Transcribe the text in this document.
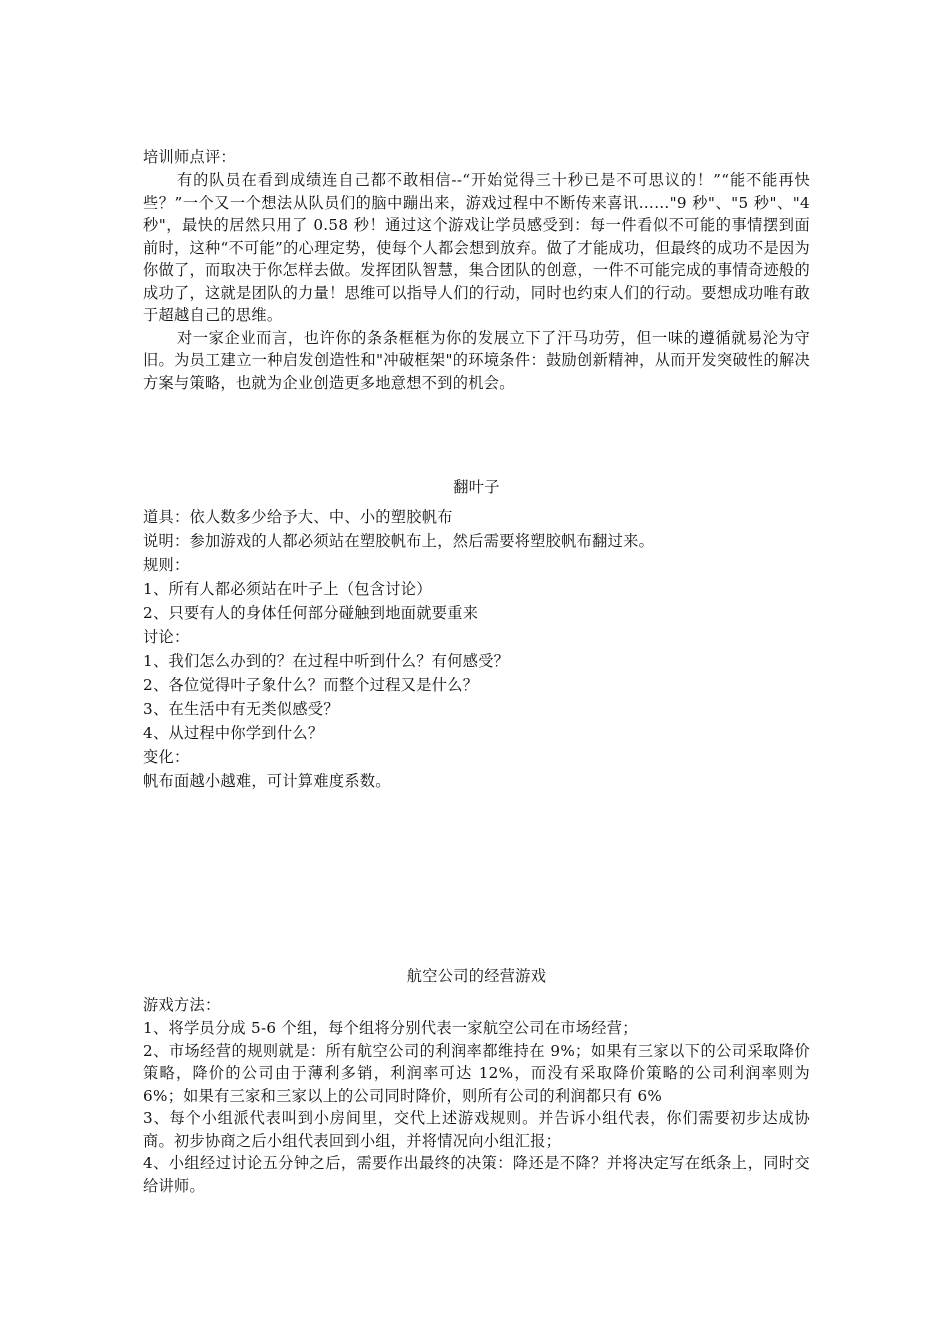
培训师点评：

有的队员在看到成绩连自己都不敢相信--“开始觉得三十秒已是不可思议的！”“能不能再快些？”一个又一个想法从队员们的脑中蹦出来，游戏过程中不断传来喜讯……"9 秒"、"5 秒"、"4 秒"，最快的居然只用了 0.58 秒！通过这个游戏让学员感受到：每一件看似不可能的事情摆到面前时，这种“不可能”的心理定势，使每个人都会想到放弃。做了才能成功，但最终的成功不是因为你做了，而取决于你怎样去做。发挥团队智慧，集合团队的创意，一件不可能完成的事情奇迹般的成功了，这就是团队的力量！思维可以指导人们的行动，同时也约束人们的行动。要想成功唯有敢于超越自己的思维。

对一家企业而言，也许你的条条框框为你的发展立下了汗马功劳，但一味的遵循就易沦为守旧。为员工建立一种启发创造性和"冲破框架"的环境条件：鼓励创新精神，从而开发突破性的解决方案与策略，也就为企业创造更多地意想不到的机会。

翻叶子

道具：依人数多少给予大、中、小的塑胶帆布

说明：参加游戏的人都必须站在塑胶帆布上，然后需要将塑胶帆布翻过来。

规则：

1、所有人都必须站在叶子上（包含讨论）

2、只要有人的身体任何部分碰触到地面就要重来

讨论：

1、我们怎么办到的？在过程中听到什么？有何感受？

2、各位觉得叶子象什么？而整个过程又是什么？

3、在生活中有无类似感受？

4、从过程中你学到什么？

变化：

帆布面越小越难，可计算难度系数。

航空公司的经营游戏

游戏方法：

1、将学员分成 5-6 个组，每个组将分别代表一家航空公司在市场经营；

2、市场经营的规则就是：所有航空公司的利润率都维持在 9%；如果有三家以下的公司采取降价策略，降价的公司由于薄利多销，利润率可达 12%，而没有采取降价策略的公司利润率则为 6%；如果有三家和三家以上的公司同时降价，则所有公司的利润都只有 6%

3、每个小组派代表叫到小房间里，交代上述游戏规则。并告诉小组代表，你们需要初步达成协商。初步协商之后小组代表回到小组，并将情况向小组汇报；

4、小组经过讨论五分钟之后，需要作出最终的决策：降还是不降？并将决定写在纸条上，同时交给讲师。
